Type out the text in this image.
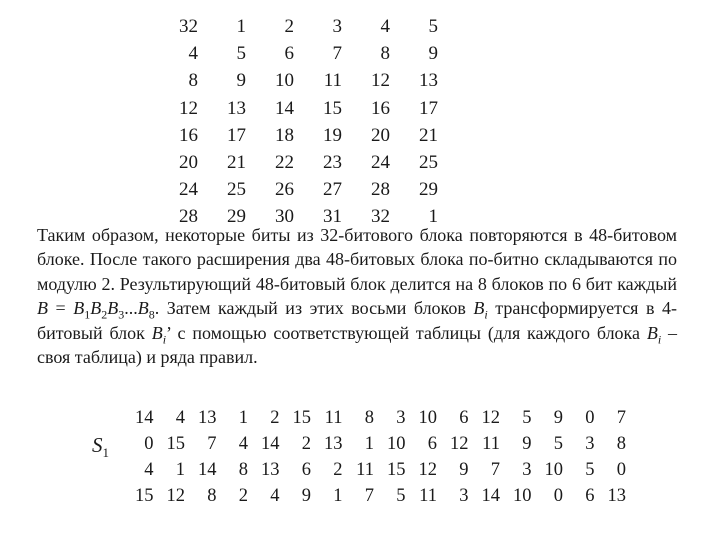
32	1	2	3	4	5
4	5	6	7	8	9
8	9	10	11	12	13
12	13	14	15	16	17
16	17	18	19	20	21
20	21	22	23	24	25
24	25	26	27	28	29
28	29	30	31	32	1

Таким образом, некоторые биты из 32-битового блока повторяются в 48-битовом блоке. После такого расширения два 48-битовых блока по-битно складываются по модулю 2. Результирующий 48-битовый блок делится на 8 блоков по 6 бит каждый $B = B_1B_2B_3...B_8$. Затем каждый из этих восьми блоков $B_i$ трансформируется в 4-битовый блок $B_i$’ с помощью соответствующей таблицы (для каждого блока $B_i$ – своя таблица) и ряда правил.

$S_1$
14	4	13	1	2	15	11	8	3	10	6	12	5	9	0	7
0	15	7	4	14	2	13	1	10	6	12	11	9	5	3	8
4	1	14	8	13	6	2	11	15	12	9	7	3	10	5	0
15	12	8	2	4	9	1	7	5	11	3	14	10	0	6	13
